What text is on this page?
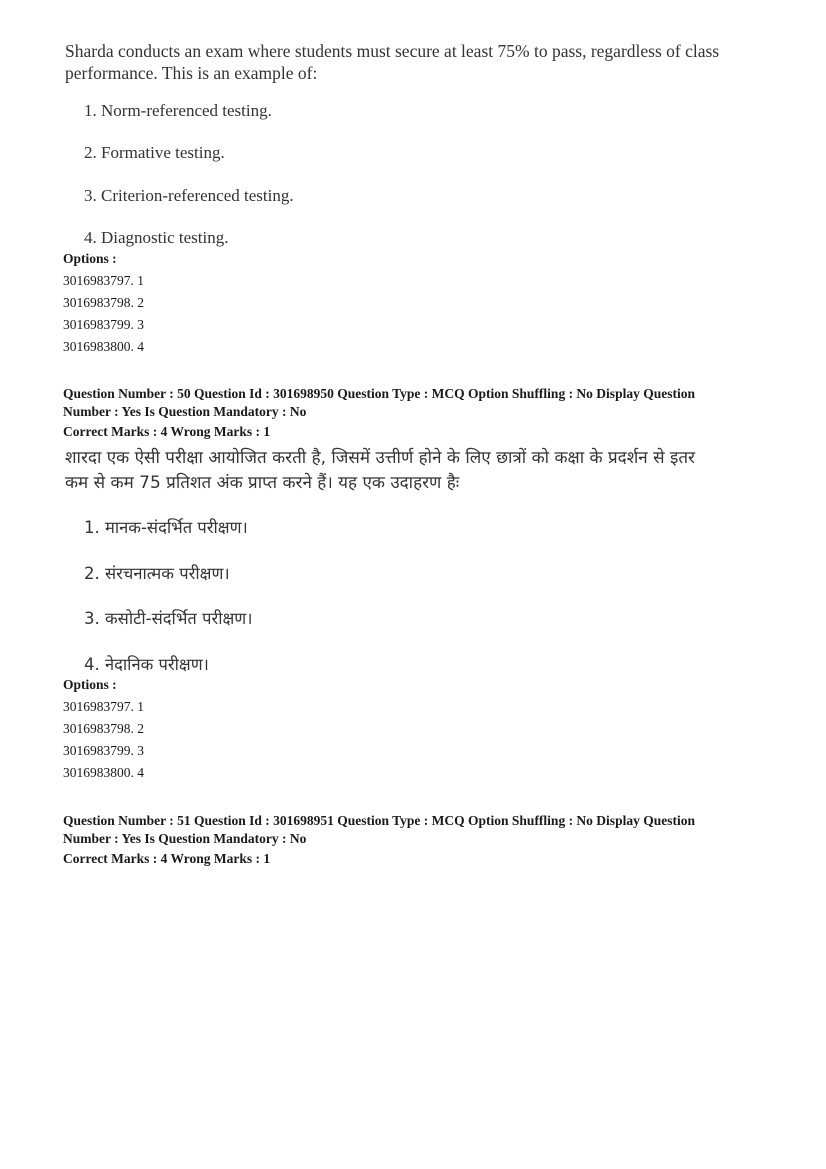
Sharda conducts an exam where students must secure at least 75% to pass, regardless of class performance. This is an example of:
1. Norm-referenced testing.
2. Formative testing.
3. Criterion-referenced testing.
4. Diagnostic testing.
Options :
3016983797. 1
3016983798. 2
3016983799. 3
3016983800. 4
Question Number : 50 Question Id : 301698950 Question Type : MCQ Option Shuffling : No Display Question
Number : Yes Is Question Mandatory : No
Correct Marks : 4 Wrong Marks : 1
शारदा एक ऐसी परीक्षा आयोजित करती है, जिसमें उत्तीर्ण होने के लिए छात्रों को कक्षा के प्रदर्शन से इतर
कम से कम 75 प्रतिशत अंक प्राप्त करने हैं। यह एक उदाहरण हैः
1. मानक-संदर्भित परीक्षण।
2. संरचनात्मक परीक्षण।
3. कसोटी-संदर्भित परीक्षण।
4. नेदानिक परीक्षण।
Options :
3016983797. 1
3016983798. 2
3016983799. 3
3016983800. 4
Question Number : 51 Question Id : 301698951 Question Type : MCQ Option Shuffling : No Display Question
Number : Yes Is Question Mandatory : No
Correct Marks : 4 Wrong Marks : 1
